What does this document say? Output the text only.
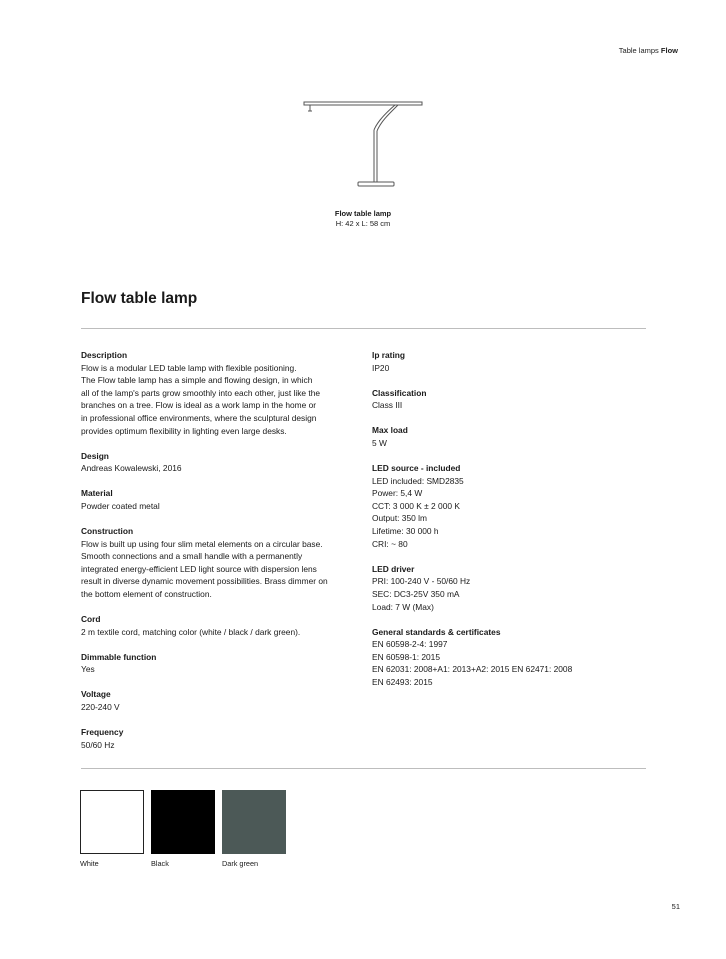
Table lamps Flow
Flow table lamp
H: 42 x L: 58 cm
Flow table lamp
Description
Flow is a modular LED table lamp with flexible positioning.
The Flow table lamp has a simple and flowing design, in which
all of the lamp's parts grow smoothly into each other, just like the
branches on a tree. Flow is ideal as a work lamp in the home or
in professional office environments, where the sculptural design
provides optimum flexibility in lighting even large desks.
Design
Andreas Kowalewski, 2016
Material
Powder coated metal
Construction
Flow is built up using four slim metal elements on a circular base.
Smooth connections and a small handle with a permanently
integrated energy-efficient LED light source with dispersion lens
result in diverse dynamic movement possibilities. Brass dimmer on
the bottom element of construction.
Cord
2 m textile cord, matching color (white / black / dark green).
Dimmable function
Yes
Voltage
220-240 V
Frequency
50/60 Hz
Ip rating
IP20
Classification
Class III
Max load
5 W
LED source - included
LED included: SMD2835
Power: 5,4 W
CCT: 3 000 K ± 2 000 K
Output: 350 lm
Lifetime: 30 000 h
CRI: ~ 80
LED driver
PRI: 100-240 V - 50/60 Hz
SEC: DC3-25V 350 mA
Load: 7 W (Max)
General standards & certificates
EN 60598-2-4: 1997
EN 60598-1: 2015
EN 62031: 2008+A1: 2013+A2: 2015 EN 62471: 2008
EN 62493: 2015
White	Black	Dark green
51
